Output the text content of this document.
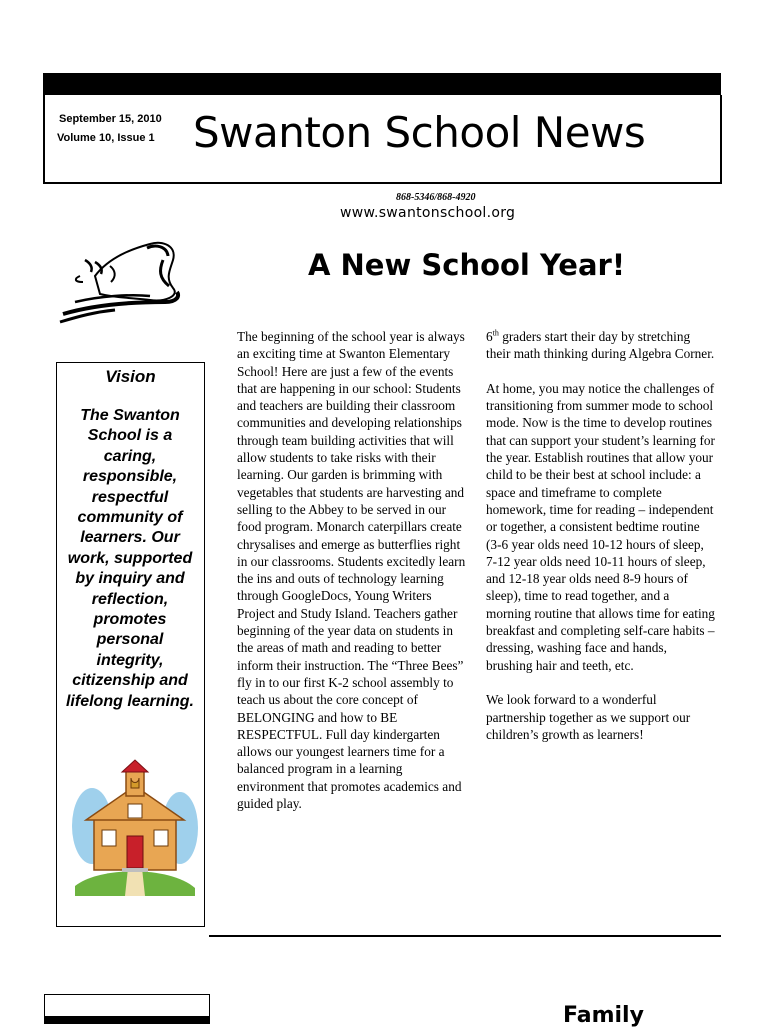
September 15, 2010
Volume 10, Issue 1 Swanton School News
868-5346/868-4920
www.swantonschool.org
A New School Year!
Vision
The Swanton School is a caring, responsible, respectful community of learners. Our work, supported by inquiry and reflection, promotes personal integrity, citizenship and lifelong learning.

The beginning of the school year is always an exciting time at Swanton Elementary School! Here are just a few of the events that are happening in our school: Students and teachers are building their classroom communities and developing relationships through team building activities that will allow students to take risks with their learning. Our garden is brimming with vegetables that students are harvesting and selling to the Abbey to be served in our food program. Monarch caterpillars create chrysalises and emerge as butterflies right in our classrooms. Students excitedly learn the ins and outs of technology learning through GoogleDocs, Young Writers Project and Study Island. Teachers gather beginning of the year data on students in the areas of math and reading to better inform their instruction. The “Three Bees” fly in to our first K-2 school assembly to teach us about the core concept of BELONGING and how to BE RESPECTFUL. Full day kindergarten allows our youngest learners time for a balanced program in a learning environment that promotes academics and guided play.

6th graders start their day by stretching their math thinking during Algebra Corner.

At home, you may notice the challenges of transitioning from summer mode to school mode. Now is the time to develop routines that can support your student’s learning for the year. Establish routines that allow your child to be their best at school include: a space and timeframe to complete homework, time for reading – independent or together, a consistent bedtime routine (3-6 year olds need 10-12 hours of sleep, 7-12 year olds need 10-11 hours of sleep, and 12-18 year olds need 8-9 hours of sleep), time to read together, and a morning routine that allows time for eating breakfast and completing self-care habits – dressing, washing face and hands, brushing hair and teeth, etc.

We look forward to a wonderful partnership together as we support our children’s growth as learners!

Family
